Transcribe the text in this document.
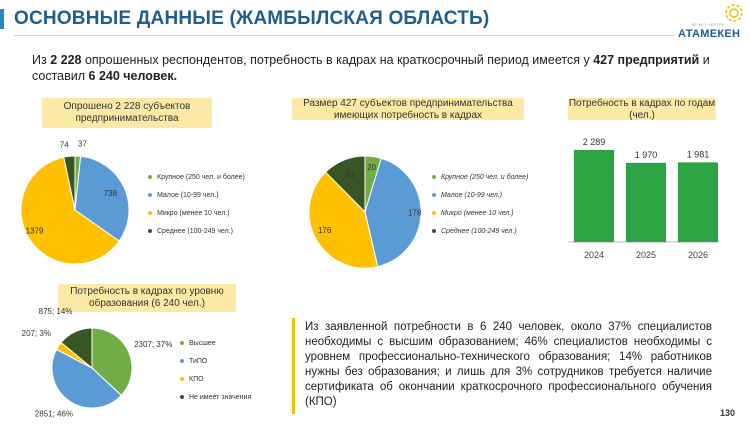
ОСНОВНЫЕ ДАННЫЕ (ЖАМБЫЛСКАЯ ОБЛАСТЬ)	ҚР ҰКП · НПП РК
АТАМЕКЕН
Из 2 228 опрошенных респондентов, потребность в кадрах на краткосрочный период имеется у 427 предприятий и составил 6 240 человек.
Опрошено 2 228 субъектов предпринимательства
37
738
1379
74
Крупное (250 чел. и более)
Малое (10-99 чел.)
Микро (менее 10 чел.)
Среднее (100-249 чел.)
Размер 427 субъектов предпринимательства имеющих потребность в кадрах
20
178
176
53	Крупное (250 чел. и более)
Малое (10-99 чел.)
Микро (менее 10 чел.)
Среднее (100-249 чел.)
Потребность в кадрах по годам (чел.)
2 289
2024
1 970
2025
1 981
2026
Потребность в кадрах по уровню образования (6 240 чел.)
2307; 37%
2851; 46%
207; 3%
875; 14%
Высшее
ТиПО
КПО
Не имеет значения
Из заявленной потребности в 6 240 человек, около 37% специалистов необходимы с высшим образованием; 46% специалистов необходимы с уровнем профессионально-технического образования; 14% работников нужны без образования; и лишь для 3% сотрудников требуется наличие сертификата об окончании краткосрочного профессионального обучения (КПО)
130
